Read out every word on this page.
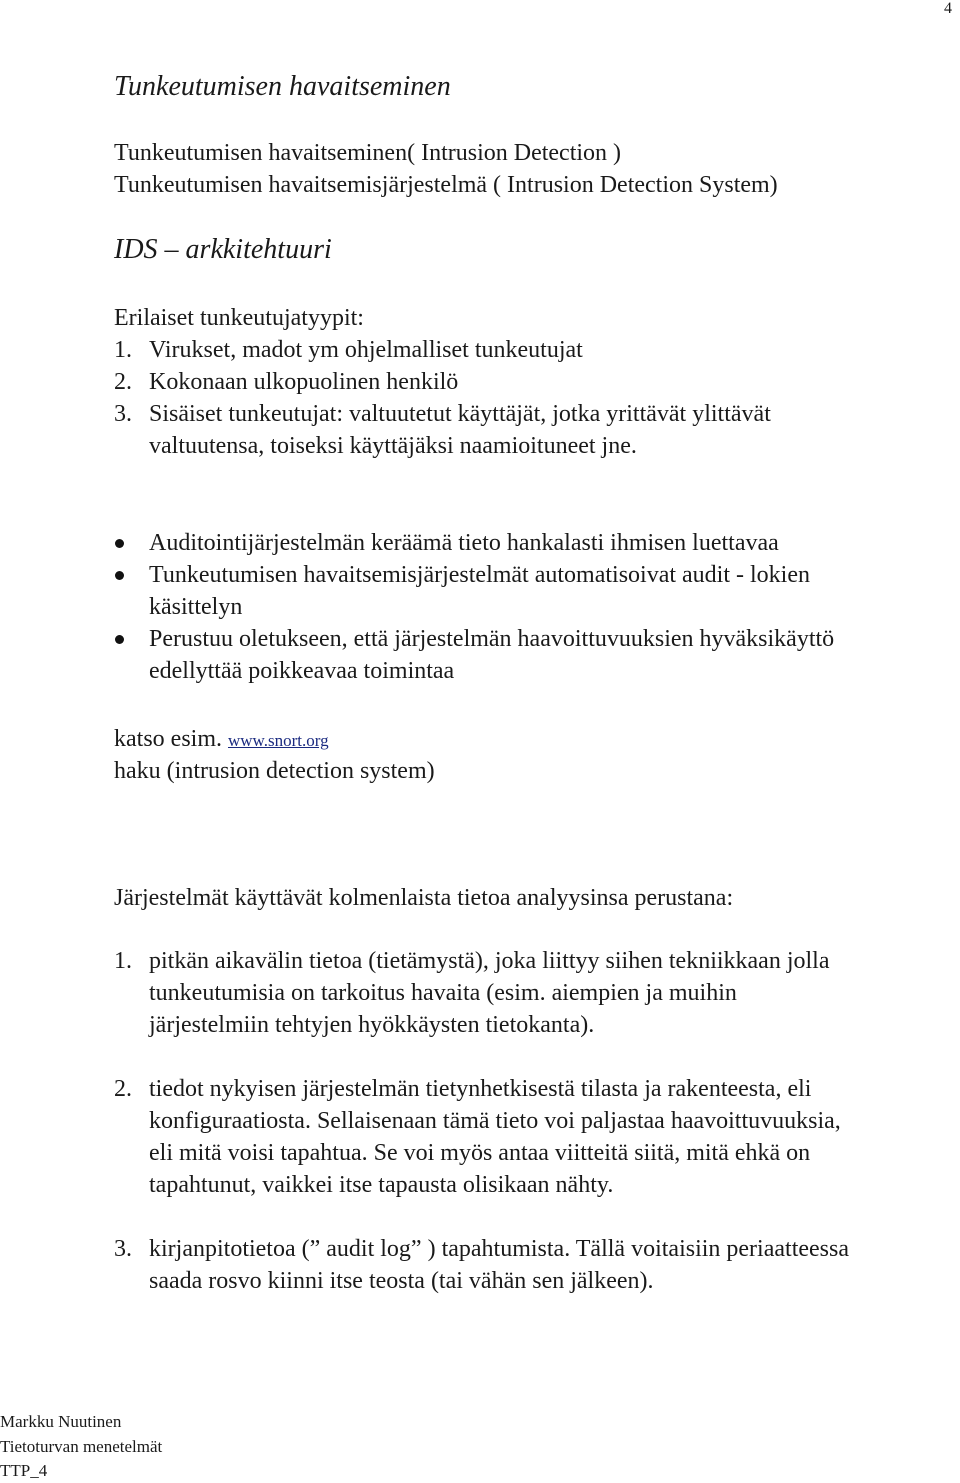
4
Tunkeutumisen havaitseminen
Tunkeutumisen havaitseminen( Intrusion Detection )
Tunkeutumisen havaitsemisjärjestelmä ( Intrusion Detection System)
IDS – arkkitehtuuri
Erilaiset tunkeutujatyypit:
1. Virukset, madot ym ohjelmalliset tunkeutujat
2. Kokonaan ulkopuolinen henkilö
3. Sisäiset tunkeutujat: valtuutetut käyttäjät, jotka yrittävät ylittävät
valtuutensa, toiseksi käyttäjäksi naamioituneet jne.
Auditointijärjestelmän keräämä tieto hankalasti ihmisen luettavaa
Tunkeutumisen havaitsemisjärjestelmät automatisoivat audit - lokien
käsittelyn
Perustuu oletukseen, että järjestelmän haavoittuvuuksien hyväksikäyttö
edellyttää poikkeavaa toimintaa
katso esim. www.snort.org
haku (intrusion detection system)
Järjestelmät käyttävät kolmenlaista tietoa analyysinsa perustana:
1. pitkän aikavälin tietoa (tietämystä), joka liittyy siihen tekniikkaan jolla
tunkeutumisia on tarkoitus havaita (esim. aiempien ja muihin
järjestelmiin tehtyjen hyökkäysten tietokanta).
2. tiedot nykyisen järjestelmän tietynhetkisestä tilasta ja rakenteesta, eli
konfiguraatiosta. Sellaisenaan tämä tieto voi paljastaa haavoittuvuuksia,
eli mitä voisi tapahtua. Se voi myös antaa viitteitä siitä, mitä ehkä on
tapahtunut, vaikkei itse tapausta olisikaan nähty.
3. kirjanpitotietoa (” audit log” ) tapahtumista. Tällä voitaisiin periaatteessa
saada rosvo kiinni itse teosta (tai vähän sen jälkeen).
Markku Nuutinen
Tietoturvan menetelmät
TTP_4
